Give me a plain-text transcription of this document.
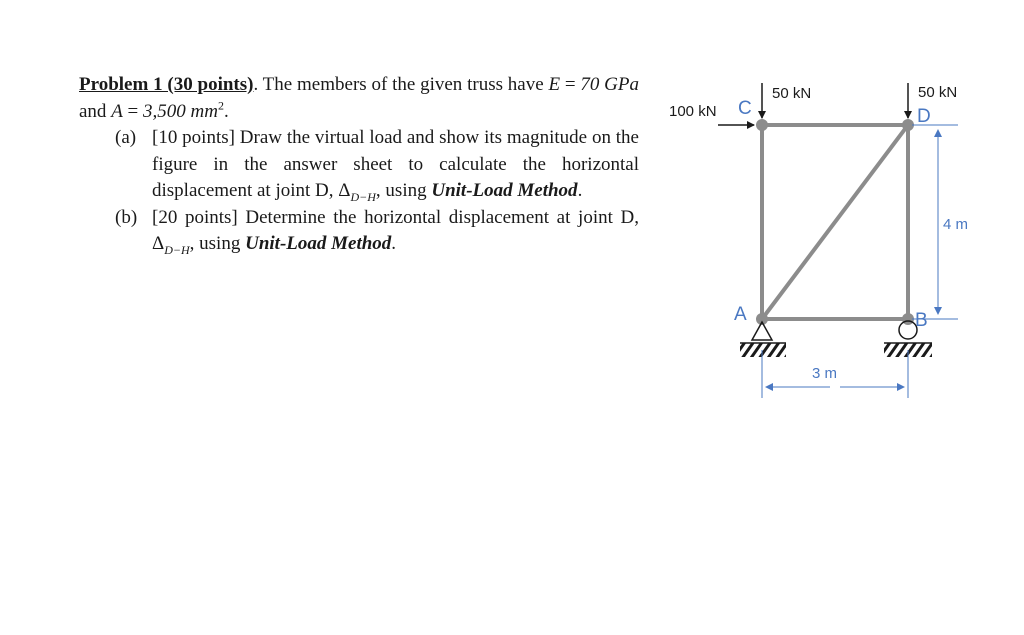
Problem 1 (30 points). The members of the given truss have E = 70 GPa and A = 3,500 $mm^2$.

(a) [10 points] Draw the virtual load and show its magnitude on the figure in the answer sheet to calculate the horizontal displacement at joint D, $\Delta_{D-H}$, using Unit-Load Method.
(b) [20 points] Determine the horizontal displacement at joint D, $\Delta_{D-H}$, using Unit-Load Method.
50 kN	50 kN
100 kN C	D
A	B
4 m
3 m
